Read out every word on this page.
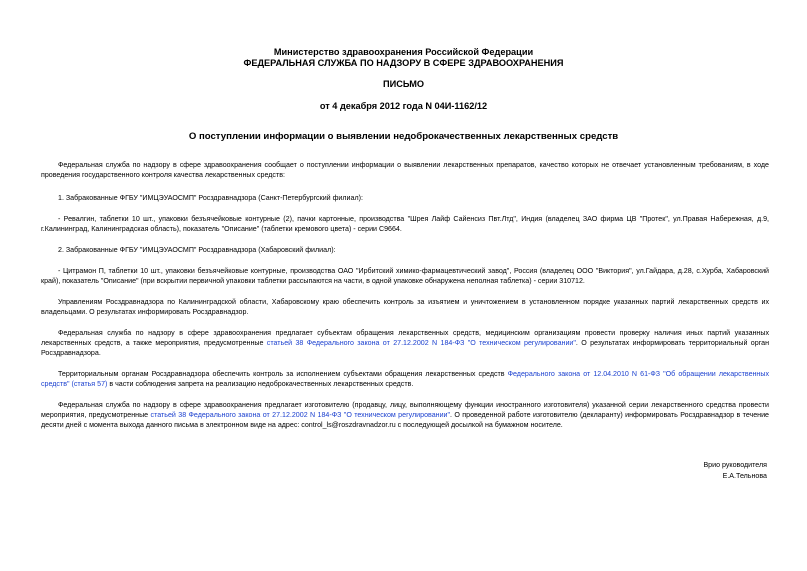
Министерство здравоохранения Российской Федерации
ФЕДЕРАЛЬНАЯ СЛУЖБА ПО НАДЗОРУ В СФЕРЕ ЗДРАВООХРАНЕНИЯ
ПИСЬМО
от 4 декабря 2012 года N 04И-1162/12
О поступлении информации о выявлении недоброкачественных лекарственных средств
Федеральная служба по надзору в сфере здравоохранения сообщает о поступлении информации о выявлении лекарственных препаратов, качество которых не отвечает установленным требованиям, в ходе проведения государственного контроля качества лекарственных средств:
1. Забракованные ФГБУ "ИМЦЭУАОСМП" Росздравнадзора (Санкт-Петербургский филиал):
- Ревалгин, таблетки 10 шт., упаковки безъячейковые контурные (2), пачки картонные, производства "Шрея Лайф Сайенсиз Пвт.Лтд", Индия (владелец ЗАО фирма ЦВ "Протек", ул.Правая Набережная, д.9, г.Калининград, Калининградская область), показатель "Описание" (таблетки кремового цвета) - серии С9664.
2. Забракованные ФГБУ "ИМЦЭУАОСМП" Росздравнадзора (Хабаровский филиал):
- Цитрамон П, таблетки 10 шт., упаковки безъячейковые контурные, производства ОАО "Ирбитский химико-фармацевтический завод", Россия (владелец ООО "Виктория", ул.Гайдара, д.28, с.Хурба, Хабаровский край), показатель "Описание" (при вскрытии первичной упаковки таблетки рассыпаются на части, в одной упаковке обнаружена неполная таблетка) - серии 310712.
Управлениям Росздравнадзора по Калининградской области, Хабаровскому краю обеспечить контроль за изъятием и уничтожением в установленном порядке указанных партий лекарственных средств их владельцами. О результатах информировать Росздравнадзор.
Федеральная служба по надзору в сфере здравоохранения предлагает субъектам обращения лекарственных средств, медицинским организациям провести проверку наличия иных партий указанных лекарственных средств, а также мероприятия, предусмотренные статьей 38 Федерального закона от 27.12.2002 N 184-ФЗ "О техническом регулировании". О результатах информировать территориальный орган Росздравнадзора.
Территориальным органам Росздравнадзора обеспечить контроль за исполнением субъектами обращения лекарственных средств Федерального закона от 12.04.2010 N 61-ФЗ "Об обращении лекарственных средств" (статья 57) в части соблюдения запрета на реализацию недоброкачественных лекарственных средств.
Федеральная служба по надзору в сфере здравоохранения предлагает изготовителю (продавцу, лицу, выполняющему функции иностранного изготовителя) указанной серии лекарственного средства провести мероприятия, предусмотренные статьей 38 Федерального закона от 27.12.2002 N 184-ФЗ "О техническом регулировании". О проведенной работе изготовителю (декларанту) информировать Росздравнадзор в течение десяти дней с момента выхода данного письма в электронном виде на адрес: control_ls@roszdravnadzor.ru с последующей досылкой на бумажном носителе.
Врио руководителя
Е.А.Тельнова
